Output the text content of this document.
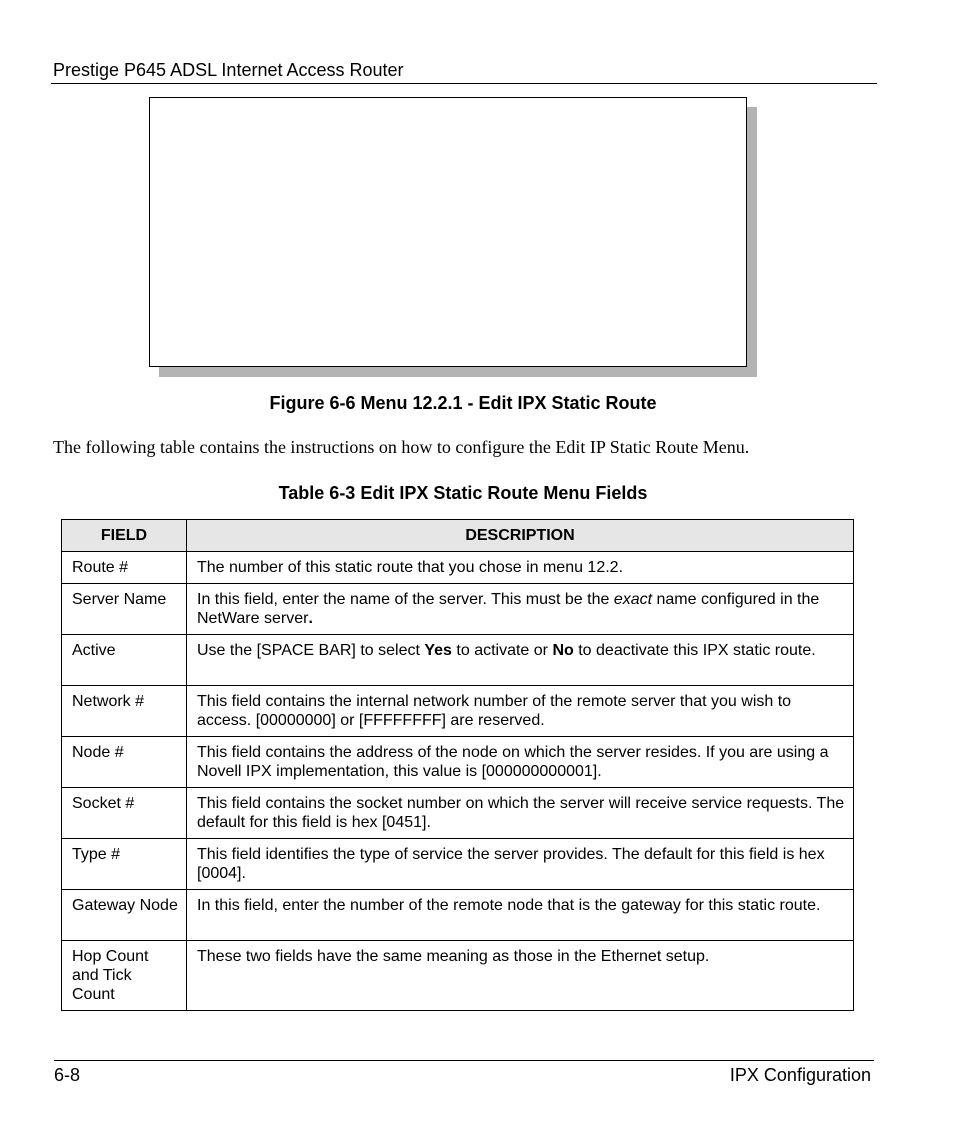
Prestige P645 ADSL Internet Access Router
Figure 6-6 Menu 12.2.1 - Edit IPX Static Route
The following table contains the instructions on how to configure the Edit IP Static Route Menu.
Table 6-3 Edit IPX Static Route Menu Fields
FIELD	DESCRIPTION
Route #	The number of this static route that you chose in menu 12.2.
Server Name	In this field, enter the name of the server. This must be the exact name configured in the NetWare server.
Active	Use the [SPACE BAR] to select Yes to activate or No to deactivate this IPX static route.
Network #	This field contains the internal network number of the remote server that you wish to access. [00000000] or [FFFFFFFF] are reserved.
Node #	This field contains the address of the node on which the server resides. If you are using a Novell IPX implementation, this value is [000000000001].
Socket #	This field contains the socket number on which the server will receive service requests. The default for this field is hex [0451].
Type #	This field identifies the type of service the server provides. The default for this field is hex [0004].
Gateway Node	In this field, enter the number of the remote node that is the gateway for this static route.
Hop Count and Tick Count	These two fields have the same meaning as those in the Ethernet setup.
6-8	IPX Configuration
